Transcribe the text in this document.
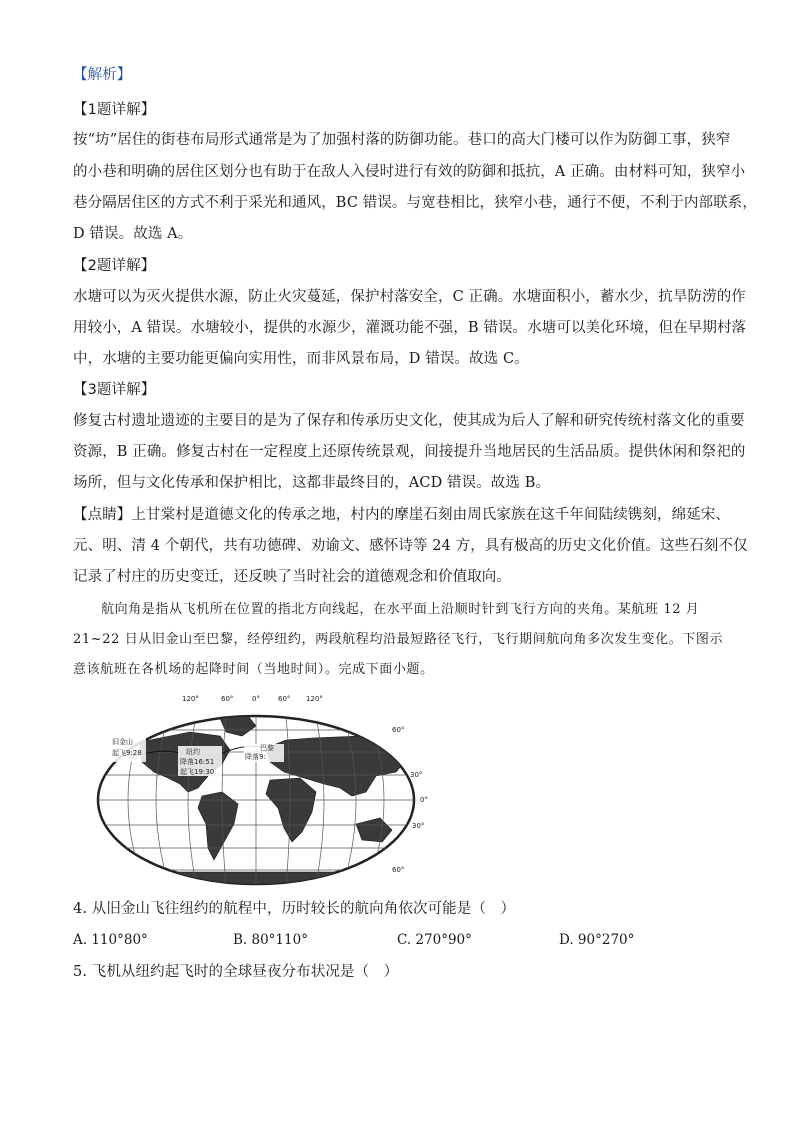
【解析】
【1题详解】
按“坊”居住的街巷布局形式通常是为了加强村落的防御功能。巷口的高大门楼可以作为防御工事，狭窄
的小巷和明确的居住区划分也有助于在敌人入侵时进行有效的防御和抵抗，A 正确。由材料可知，狭窄小
巷分隔居住区的方式不利于采光和通风，BC 错误。与宽巷相比，狭窄小巷，通行不便，不利于内部联系，
D 错误。故选 A。
【2题详解】
水塘可以为灭火提供水源，防止火灾蔓延，保护村落安全，C 正确。水塘面积小，蓄水少，抗旱防涝的作
用较小，A 错误。水塘较小，提供的水源少，灌溉功能不强，B 错误。水塘可以美化环境，但在早期村落
中，水塘的主要功能更偏向实用性，而非风景布局，D 错误。故选 C。
【3题详解】
修复古村遗址遗迹的主要目的是为了保存和传承历史文化，使其成为后人了解和研究传统村落文化的重要
资源，B 正确。修复古村在一定程度上还原传统景观，间接提升当地居民的生活品质。提供休闲和祭祀的
场所，但与文化传承和保护相比，这都非最终目的，ACD 错误。故选 B。
【点睛】上甘棠村是道德文化的传承之地，村内的摩崖石刻由周氏家族在这千年间陆续镌刻，绵延宋、
元、明、清 4 个朝代，共有功德碑、劝谕文、感怀诗等 24 方，具有极高的历史文化价值。这些石刻不仅
记录了村庄的历史变迁，还反映了当时社会的道德观念和价值取向。
航向角是指从飞机所在位置的指北方向线起，在水平面上沿顺时针到飞行方向的夹角。某航班 12 月
21~22 日从旧金山至巴黎，经停纽约，两段航程均沿最短路径飞行，飞行期间航向角多次发生变化。下图示
意该航班在各机场的起降时间（当地时间）。完成下面小题。
旧金山
起飞9:28	纽约
降落16:51
起飞19:30
巴黎
降落9:
120°	60°	0°	60° 120°
60°
30°
0°
30°
60°
4. 从旧金山飞往纽约的航程中，历时较长的航向角依次可能是（　）
A. 110°80°	B. 80°110°	C. 270°90°	D. 90°270°
5. 飞机从纽约起飞时的全球昼夜分布状况是（　）
